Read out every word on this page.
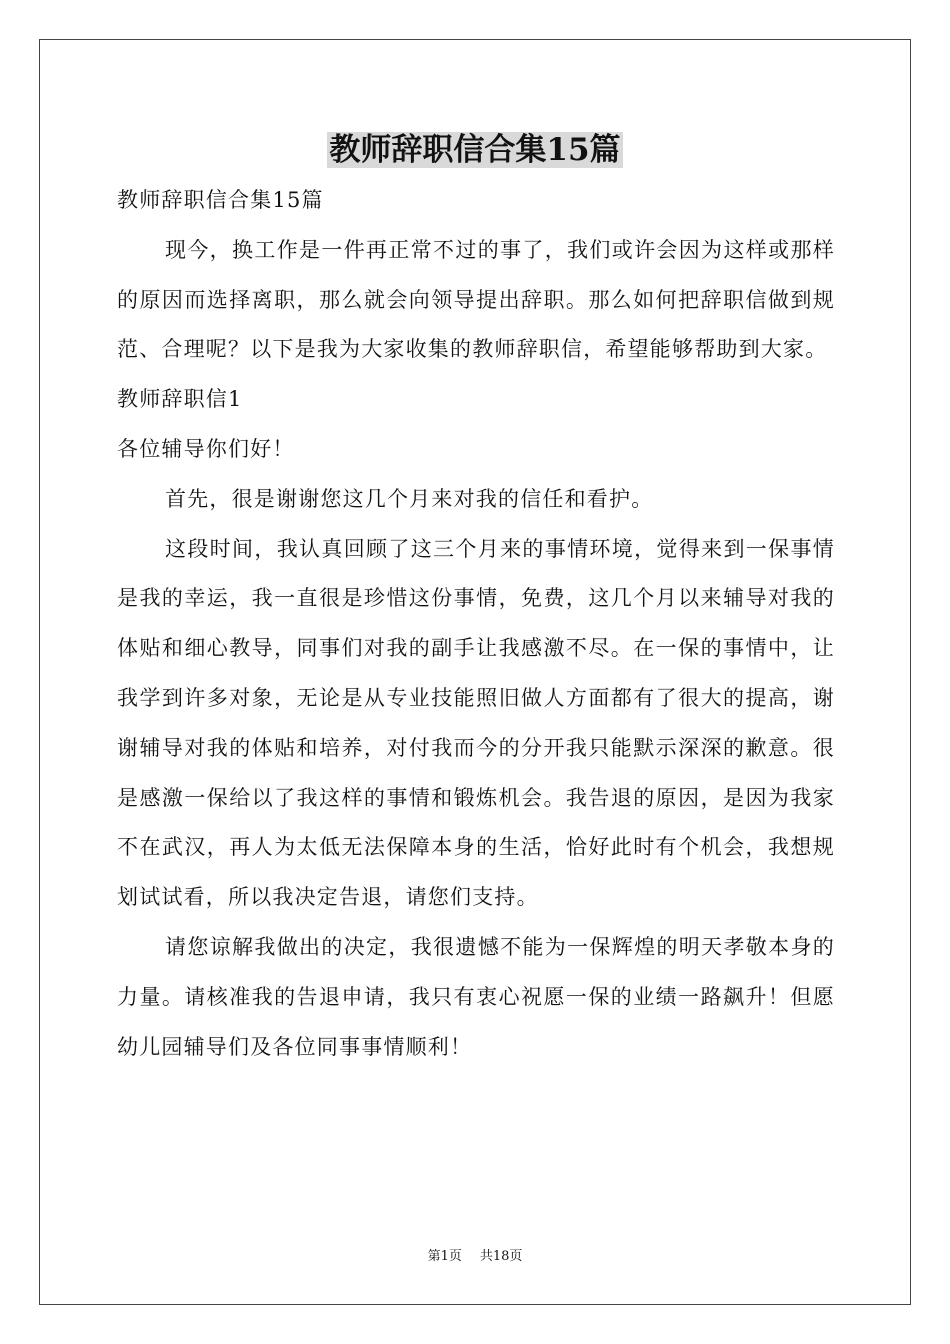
教师辞职信合集15篇

教师辞职信合集15篇

现今，换工作是一件再正常不过的事了，我们或许会因为这样或那样的原因而选择离职，那么就会向领导提出辞职。那么如何把辞职信做到规范、合理呢？以下是我为大家收集的教师辞职信，希望能够帮助到大家。

教师辞职信1

各位辅导你们好！

首先，很是谢谢您这几个月来对我的信任和看护。

这段时间，我认真回顾了这三个月来的事情环境，觉得来到一保事情是我的幸运，我一直很是珍惜这份事情，免费，这几个月以来辅导对我的体贴和细心教导，同事们对我的副手让我感激不尽。在一保的事情中，让我学到许多对象，无论是从专业技能照旧做人方面都有了很大的提高，谢谢辅导对我的体贴和培养，对付我而今的分开我只能默示深深的歉意。很是感激一保给以了我这样的事情和锻炼机会。我告退的原因，是因为我家不在武汉，再人为太低无法保障本身的生活，恰好此时有个机会，我想规划试试看，所以我决定告退，请您们支持。

请您谅解我做出的决定，我很遗憾不能为一保辉煌的明天孝敬本身的力量。请核准我的告退申请，我只有衷心祝愿一保的业绩一路飙升！但愿幼儿园辅导们及各位同事事情顺利！

第1页 共18页
